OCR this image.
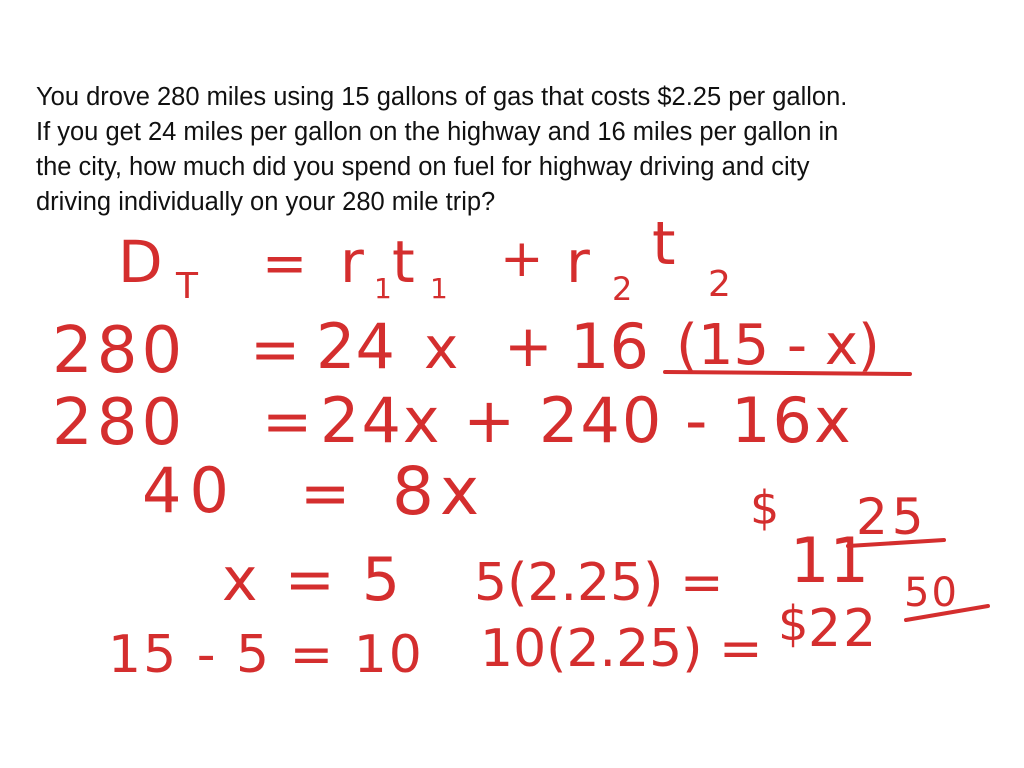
You drove 280 miles using 15 gallons of gas that costs $2.25 per gallon.
If you get 24 miles per gallon on the highway and 16 miles per gallon in
the city, how much did you spend on fuel for highway driving and city
driving individually on your 280 mile trip?
D T = r 1 t 1 + r 2
t
2
280 = 24 x + 16 (15 - x)
280 = 24x + 240 - 16x
40 = 8x
x = 5 5(2.25) =
$
11
25
15 - 5 = 10 10(2.25) = $ 22
50
